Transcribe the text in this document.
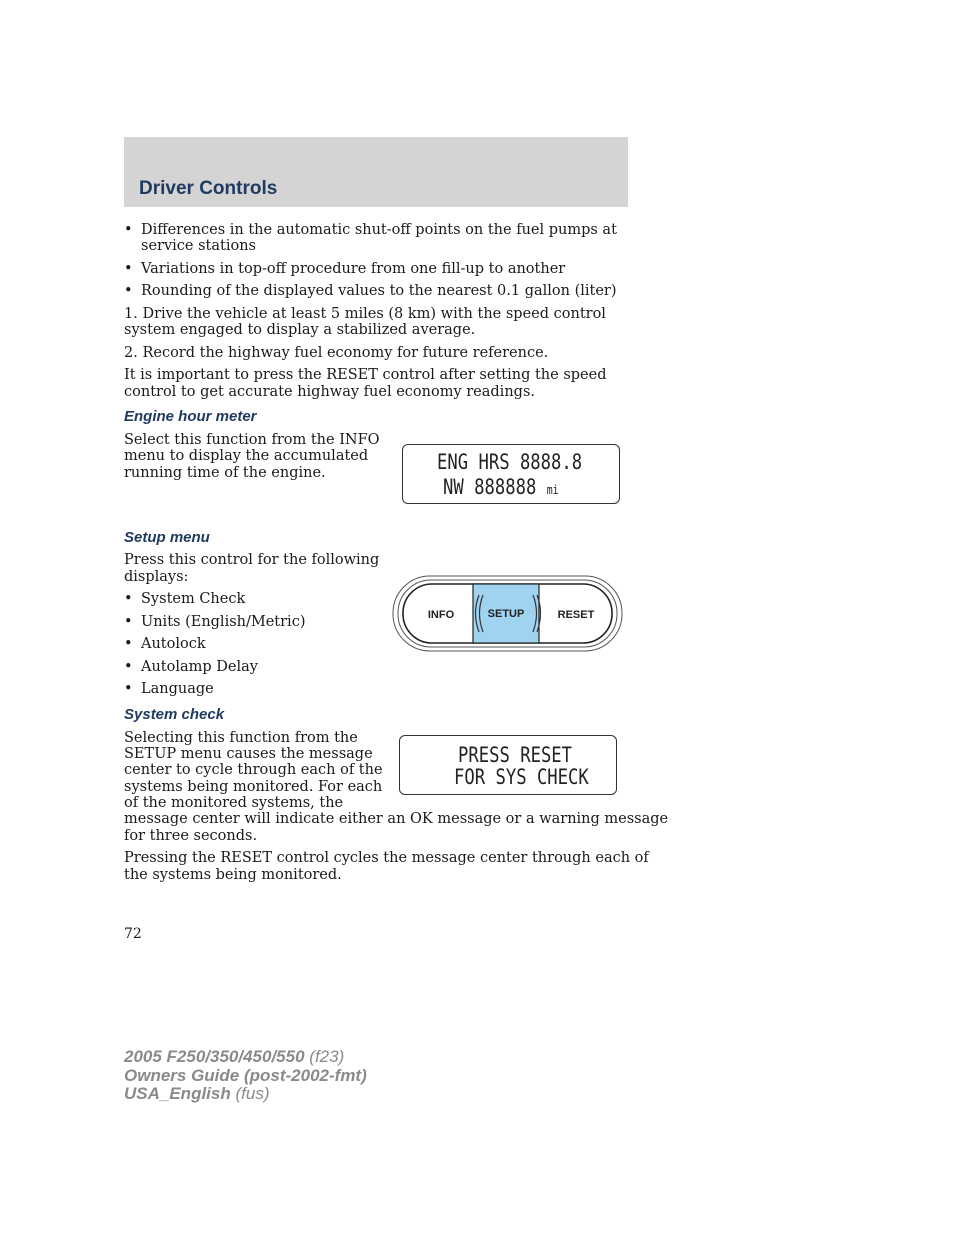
Driver Controls
• Differences in the automatic shut-off points on the fuel pumps at
service stations
• Variations in top-off procedure from one fill-up to another
• Rounding of the displayed values to the nearest 0.1 gallon (liter)
1. Drive the vehicle at least 5 miles (8 km) with the speed control
system engaged to display a stabilized average.
2. Record the highway fuel economy for future reference.
It is important to press the RESET control after setting the speed
control to get accurate highway fuel economy readings.
Engine hour meter
Select this function from the INFO
menu to display the accumulated
running time of the engine.	ENG HRS 8888.8
NW 888888 mi
Setup menu
Press this control for the following
displays:
• System Check
• Units (English/Metric)
• Autolock
• Autolamp Delay
• Language
INFO	SETUP	RESET
System check
Selecting this function from the
SETUP menu causes the message
center to cycle through each of the
systems being monitored. For each
of the monitored systems, the
message center will indicate either an OK message or a warning message
for three seconds.
Pressing the RESET control cycles the message center through each of
the systems being monitored.
PRESS RESET
FOR SYS CHECK
72
2005 F250/350/450/550 (f23)
Owners Guide (post-2002-fmt)
USA_English (fus)
